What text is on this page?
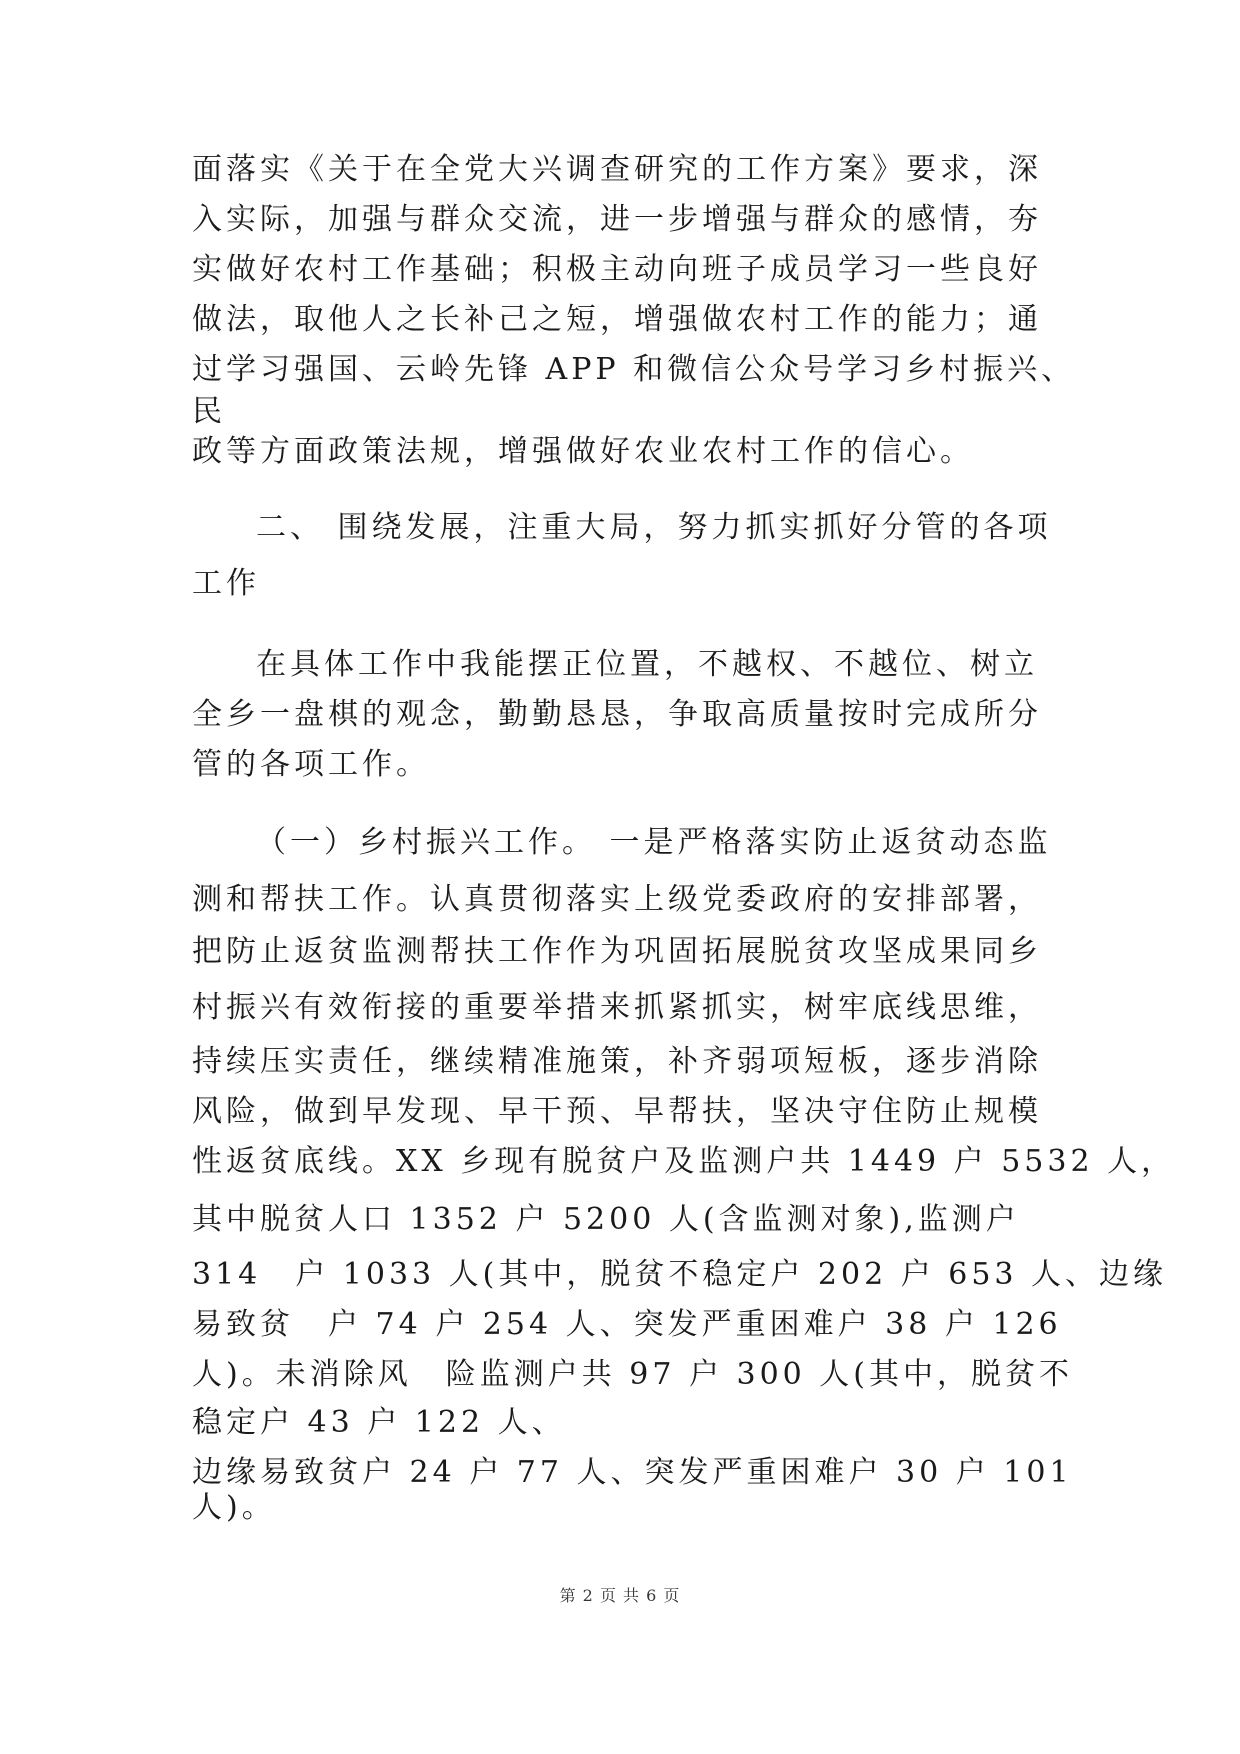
面落实《关于在全党大兴调查研究的工作方案》要求，深
入实际，加强与群众交流，进一步增强与群众的感情，夯
实做好农村工作基础；积极主动向班子成员学习一些良好
做法，取他人之长补己之短，增强做农村工作的能力；通
过学习强国、云岭先锋 APP 和微信公众号学习乡村振兴、
民
政等方面政策法规，增强做好农业农村工作的信心。
二、 围绕发展，注重大局，努力抓实抓好分管的各项
工作
在具体工作中我能摆正位置，不越权、不越位、树立
全乡一盘棋的观念，勤勤恳恳，争取高质量按时完成所分
管的各项工作。
（一）乡村振兴工作。 一是严格落实防止返贫动态监
测和帮扶工作。认真贯彻落实上级党委政府的安排部署，
把防止返贫监测帮扶工作作为巩固拓展脱贫攻坚成果同乡
村振兴有效衔接的重要举措来抓紧抓实，树牢底线思维，
持续压实责任，继续精准施策，补齐弱项短板，逐步消除
风险，做到早发现、早干预、早帮扶，坚决守住防止规模
性返贫底线。XX 乡现有脱贫户及监测户共 1449 户 5532 人，
其中脱贫人口 1352 户 5200 人(含监测对象),监测户
314　户 1033 人(其中，脱贫不稳定户 202 户 653 人、边缘
易致贫　户 74 户 254 人、突发严重困难户 38 户 126
人)。未消除风　险监测户共 97 户 300 人(其中，脱贫不
稳定户 43 户 122 人、
边缘易致贫户 24 户 77 人、突发严重困难户 30 户 101
人)。
第 2 页 共 6 页
